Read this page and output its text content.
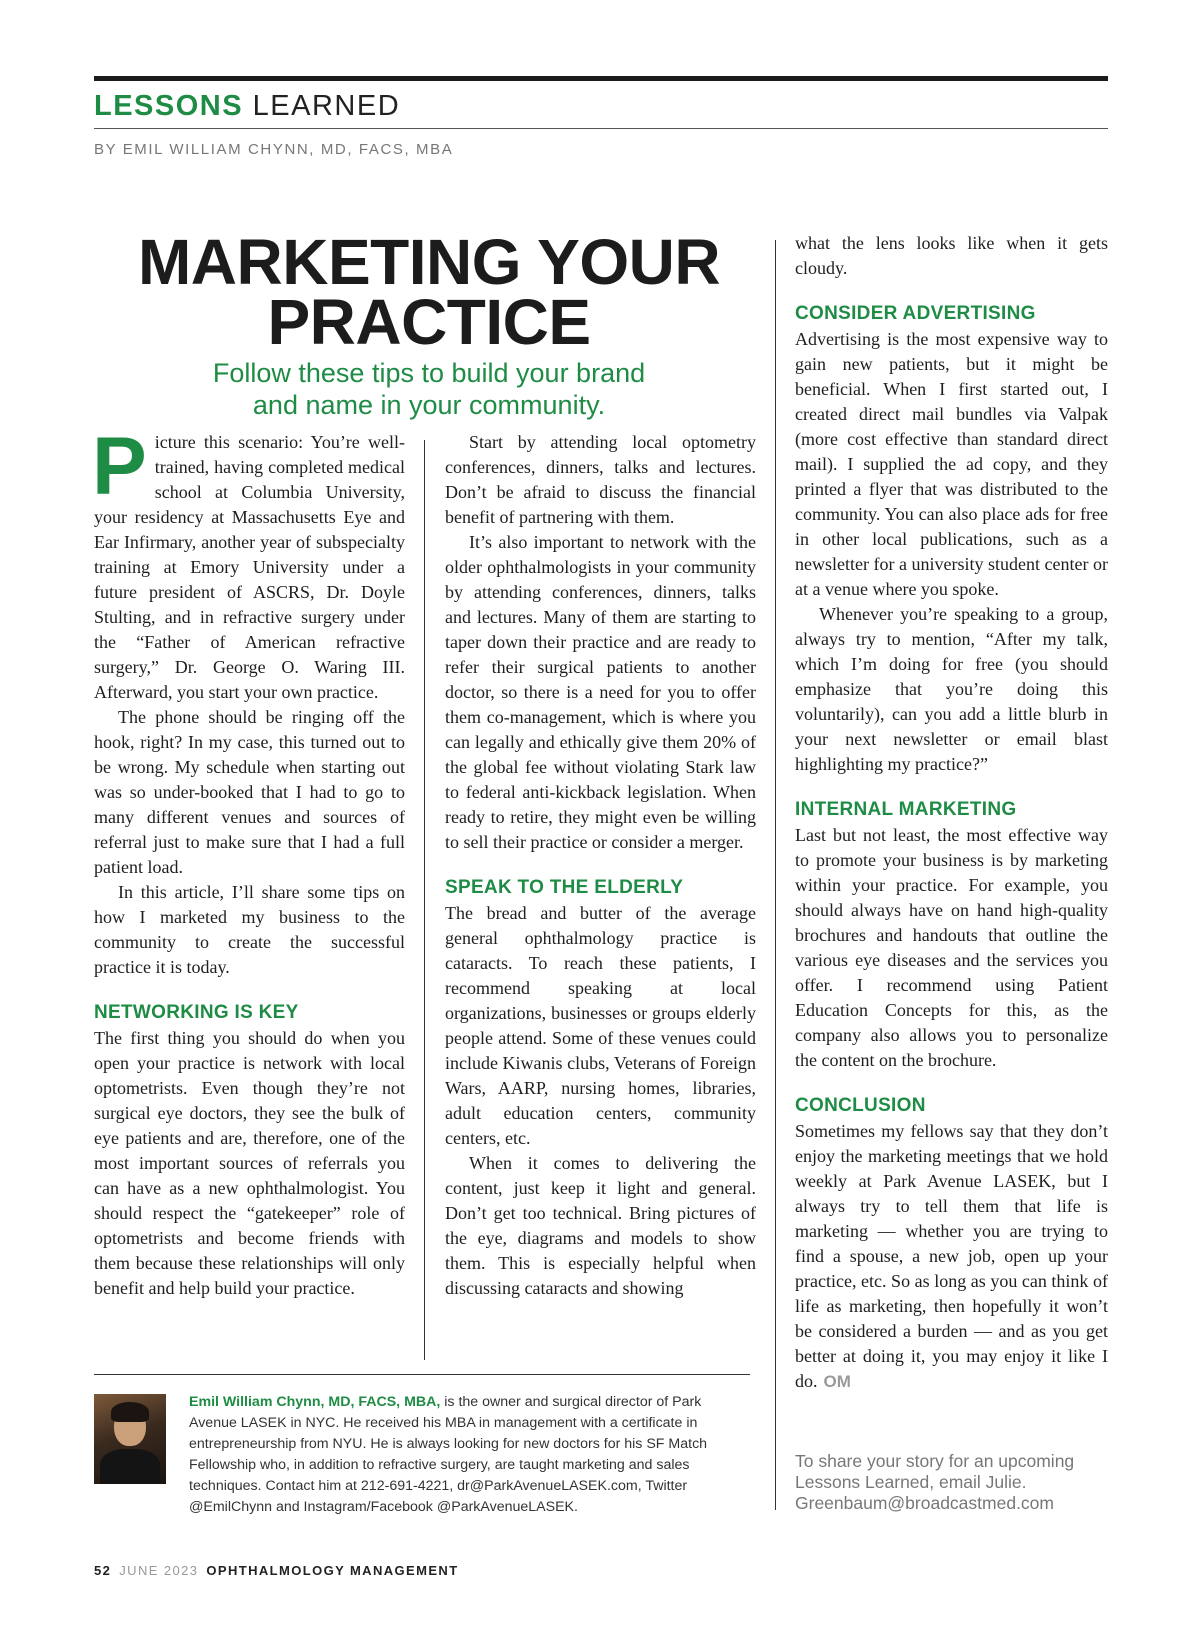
LESSONS LEARNED
BY EMIL WILLIAM CHYNN, MD, FACS, MBA
MARKETING YOUR PRACTICE
Follow these tips to build your brand
and name in your community.

Picture this scenario: You’re well-trained, having completed medical school at Columbia University, your residency at Massachusetts Eye and Ear Infirmary, another year of subspecialty training at Emory University under a future president of ASCRS, Dr. Doyle Stulting, and in refractive surgery under the “Father of American refractive surgery,” Dr. George O. Waring III. Afterward, you start your own practice.

The phone should be ringing off the hook, right? In my case, this turned out to be wrong. My schedule when starting out was so under-booked that I had to go to many different venues and sources of referral just to make sure that I had a full patient load.

In this article, I’ll share some tips on how I marketed my business to the community to create the successful practice it is today.

NETWORKING IS KEY

The first thing you should do when you open your practice is network with local optometrists. Even though they’re not surgical eye doctors, they see the bulk of eye patients and are, therefore, one of the most important sources of referrals you can have as a new ophthalmologist. You should respect the “gatekeeper” role of optometrists and become friends with them because these relationships will only benefit and help build your practice.

Start by attending local optometry conferences, dinners, talks and lectures. Don’t be afraid to discuss the financial benefit of partnering with them.

It’s also important to network with the older ophthalmologists in your community by attending conferences, dinners, talks and lectures. Many of them are starting to taper down their practice and are ready to refer their surgical patients to another doctor, so there is a need for you to offer them co-management, which is where you can legally and ethically give them 20% of the global fee without violating Stark law to federal anti-kickback legislation. When ready to retire, they might even be willing to sell their practice or consider a merger.

SPEAK TO THE ELDERLY

The bread and butter of the average general ophthalmology practice is cataracts. To reach these patients, I recommend speaking at local organizations, businesses or groups elderly people attend. Some of these venues could include Kiwanis clubs, Veterans of Foreign Wars, AARP, nursing homes, libraries, adult education centers, community centers, etc.

When it comes to delivering the content, just keep it light and general. Don’t get too technical. Bring pictures of the eye, diagrams and models to show them. This is especially helpful when discussing cataracts and showing

what the lens looks like when it gets cloudy.

CONSIDER ADVERTISING

Advertising is the most expensive way to gain new patients, but it might be beneficial. When I first started out, I created direct mail bundles via Valpak (more cost effective than standard direct mail). I supplied the ad copy, and they printed a flyer that was distributed to the community. You can also place ads for free in other local publications, such as a newsletter for a university student center or at a venue where you spoke.

Whenever you’re speaking to a group, always try to mention, “After my talk, which I’m doing for free (you should emphasize that you’re doing this voluntarily), can you add a little blurb in your next newsletter or email blast highlighting my practice?”

INTERNAL MARKETING

Last but not least, the most effective way to promote your business is by marketing within your practice. For example, you should always have on hand high-quality brochures and handouts that outline the various eye diseases and the services you offer. I recommend using Patient Education Concepts for this, as the company also allows you to personalize the content on the brochure.

CONCLUSION

Sometimes my fellows say that they don’t enjoy the marketing meetings that we hold weekly at Park Avenue LASEK, but I always try to tell them that life is marketing — whether you are trying to find a spouse, a new job, open up your practice, etc. So as long as you can think of life as marketing, then hopefully it won’t be considered a burden — and as you get better at doing it, you may enjoy it like I do. OM

Emil William Chynn, MD, FACS, MBA, is the owner and surgical director of Park Avenue LASEK in NYC. He received his MBA in management with a certificate in entrepreneurship from NYU. He is always looking for new doctors for his SF Match Fellowship who, in addition to refractive surgery, are taught marketing and sales techniques. Contact him at 212-691-4221, dr@ParkAvenueLASEK.com, Twitter @EmilChynn and Instagram/Facebook @ParkAvenueLASEK.
To share your story for an upcoming Lessons Learned, email Julie. Greenbaum@broadcastmed.com
52 JUNE 2023 OPHTHALMOLOGY MANAGEMENT
